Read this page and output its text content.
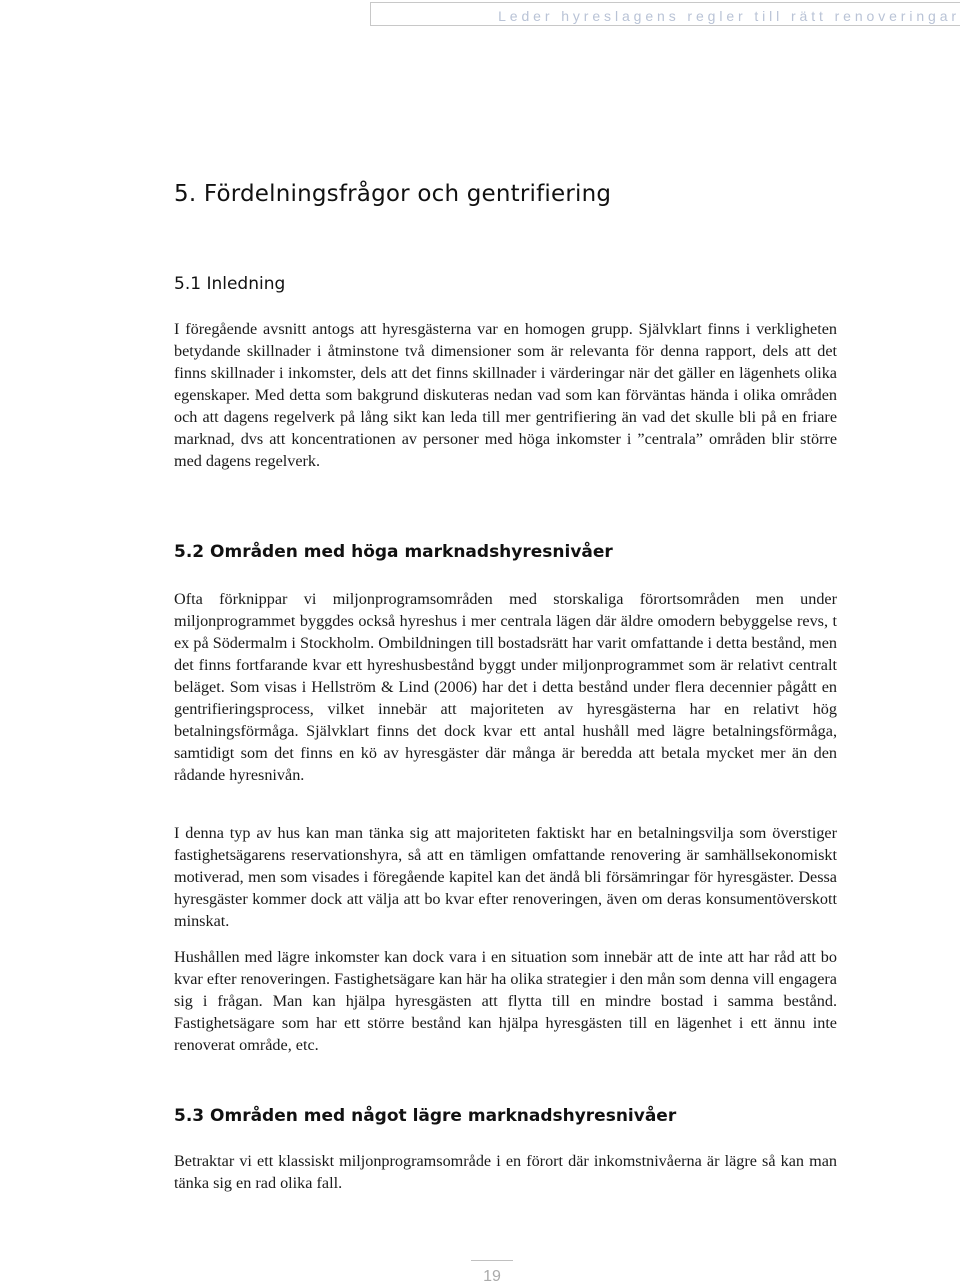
Leder hyreslagens regler till rätt renoveringar
5. Fördelningsfrågor och gentrifiering
5.1 Inledning

I föregående avsnitt antogs att hyresgästerna var en homogen grupp. Självklart finns i verkligheten betydande skillnader i åtminstone två dimensioner som är relevanta för denna rapport, dels att det finns skillnader i inkomster, dels att det finns skillnader i värderingar när det gäller en lägenhets olika egenskaper. Med detta som bakgrund diskuteras nedan vad som kan förväntas hända i olika områden och att dagens regelverk på lång sikt kan leda till mer gentrifiering än vad det skulle bli på en friare marknad, dvs att koncentrationen av personer med höga inkomster i ”centrala” områden blir större med dagens regelverk.

5.2 Områden med höga marknadshyresnivåer

Ofta förknippar vi miljonprogramsområden med storskaliga förortsområden men under miljonprogrammet byggdes också hyreshus i mer centrala lägen där äldre omodern bebyggelse revs, t ex på Södermalm i Stockholm. Ombildningen till bostadsrätt har varit omfattande i detta bestånd, men det finns fortfarande kvar ett hyreshusbestånd byggt under miljonprogrammet som är relativt centralt beläget. Som visas i Hellström & Lind (2006) har det i detta bestånd under flera decennier pågått en gentrifieringsprocess, vilket innebär att majoriteten av hyresgästerna har en relativt hög betalningsförmåga. Självklart finns det dock kvar ett antal hushåll med lägre betalningsförmåga, samtidigt som det finns en kö av hyresgäster där många är beredda att betala mycket mer än den rådande hyresnivån.

I denna typ av hus kan man tänka sig att majoriteten faktiskt har en betalningsvilja som överstiger fastighetsägarens reservationshyra, så att en tämligen omfattande renovering är samhällsekonomiskt motiverad, men som visades i föregående kapitel kan det ändå bli försämringar för hyresgäster. Dessa hyresgäster kommer dock att välja att bo kvar efter renoveringen, även om deras konsumentöverskott minskat.

Hushållen med lägre inkomster kan dock vara i en situation som innebär att de inte att har råd att bo kvar efter renoveringen. Fastighetsägare kan här ha olika strategier i den mån som denna vill engagera sig i frågan. Man kan hjälpa hyresgästen att flytta till en mindre bostad i samma bestånd. Fastighetsägare som har ett större bestånd kan hjälpa hyresgästen till en lägenhet i ett ännu inte renoverat område, etc.

5.3 Områden med något lägre marknadshyresnivåer

Betraktar vi ett klassiskt miljonprogramsområde i en förort där inkomstnivåerna är lägre så kan man tänka sig en rad olika fall.

19
